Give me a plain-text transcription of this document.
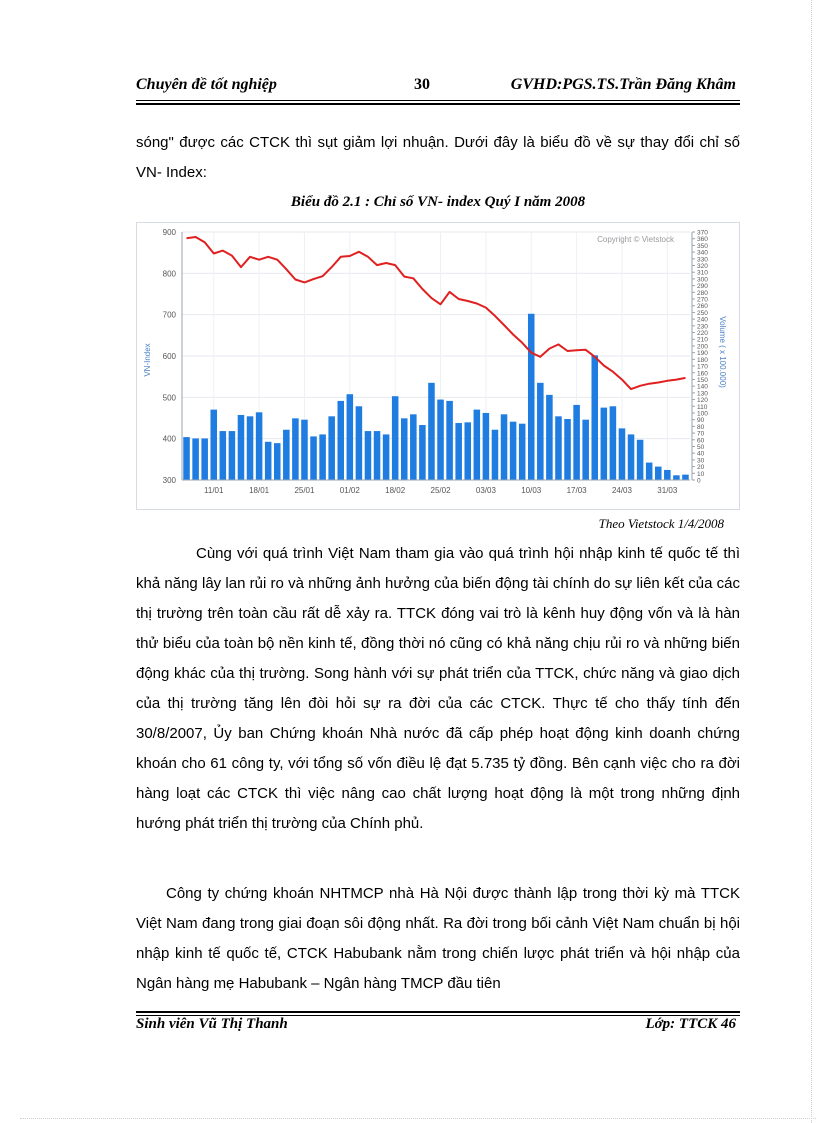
Chuyên đề tốt nghiệp	30	GVHD:PGS.TS.Trần Đăng Khâm
sóng" được các CTCK thì sụt giảm lợi nhuận. Dưới đây là biểu đồ về sự thay đổi chỉ số VN- Index:
Biểu đồ 2.1 : Chỉ số VN- index Quý I năm 2008
300
400
500
600
700
800
900
0
10
20
30
40
50
60
70
80
90
100
110
120
130
140
150
160
170
180
190
200
210
220
230
240
250
260
270
280
290
300
310
320
330
340
350
360
370
11/01	18/01	25/01	01/02	18/02	25/02	03/03	10/03	17/03	24/03	31/03
Copyright © Vietstock
VN-Index	Volume ( x 100.000)
Theo Vietstock 1/4/2008
Cùng với quá trình Việt Nam tham gia vào quá trình hội nhập kinh tế quốc tế thì khả năng lây lan rủi ro và những ảnh hưởng của biến động tài chính do sự liên kết của các thị trường trên toàn cầu rất dễ xảy ra. TTCK đóng vai trò là kênh huy động vốn và là hàn thử biểu của toàn bộ nền kinh tế, đồng thời nó cũng có khả năng chịu rủi ro và những biến động khác của thị trường. Song hành với sự phát triển của TTCK, chức năng và giao dịch của thị trường tăng lên đòi hỏi sự ra đời của các CTCK. Thực tế cho thấy tính đến 30/8/2007, Ủy ban Chứng khoán Nhà nước đã cấp phép hoạt động kinh doanh chứng khoán cho 61 công ty, với tổng số vốn điều lệ đạt 5.735 tỷ đồng. Bên cạnh việc cho ra đời hàng loạt các CTCK thì việc nâng cao chất lượng hoạt động là một trong những định hướng phát triển thị trường của Chính phủ.
Công ty chứng khoán NHTMCP nhà Hà Nội được thành lập trong thời kỳ mà TTCK Việt Nam đang trong giai đoạn sôi động nhất. Ra đời trong bối cảnh Việt Nam chuẩn bị hội nhập kinh tế quốc tế, CTCK Habubank nằm trong chiến lược phát triển và hội nhập của Ngân hàng mẹ Habubank – Ngân hàng TMCP đầu tiên
Sinh viên Vũ Thị Thanh	Lớp: TTCK 46
